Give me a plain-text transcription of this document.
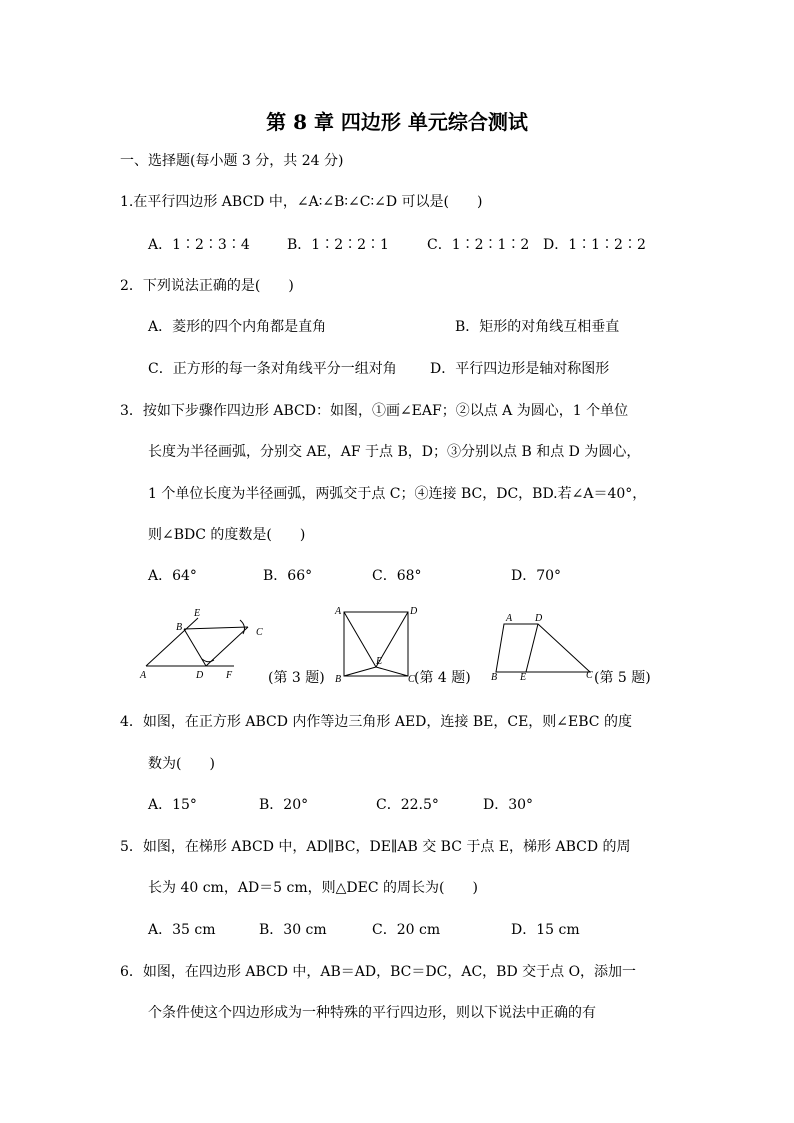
第 8 章 四边形 单元综合测试
一、选择题(每小题 3 分，共 24 分)
1.在平行四边形 ABCD 中，∠A∶∠B∶∠C∶∠D 可以是(　　)
A．1∶2∶3∶4	B．1∶2∶2∶1	C．1∶2∶1∶2 D．1∶1∶2∶2
2．下列说法正确的是(　　)
A．菱形的四个内角都是直角	B．矩形的对角线互相垂直
C．正方形的每一条对角线平分一组对角 D．平行四边形是轴对称图形
3．按如下步骤作四边形 ABCD：如图，①画∠EAF；②以点 A 为圆心，1 个单位
长度为半径画弧，分别交 AE，AF 于点 B，D；③分别以点 B 和点 D 为圆心，
1 个单位长度为半径画弧，两弧交于点 C；④连接 BC，DC，BD.若∠A＝40°，
则∠BDC 的度数是(　　)
A．64°	B．66°	C．68°	D．70°
E
B	C
A	D F	(第 3 题)
A	D
E
B	C (第 4 题)
A D
B E	C (第 5 题)
4．如图，在正方形 ABCD 内作等边三角形 AED，连接 BE，CE，则∠EBC 的度
数为(　　)
A．15°	B．20°	C．22.5°	D．30°
5．如图，在梯形 ABCD 中，AD∥BC，DE∥AB 交 BC 于点 E，梯形 ABCD 的周
长为 40 cm，AD＝5 cm，则△DEC 的周长为(　　)
A．35 cm	B．30 cm	C．20 cm	D．15 cm
6．如图，在四边形 ABCD 中，AB＝AD，BC＝DC，AC，BD 交于点 O，添加一
个条件使这个四边形成为一种特殊的平行四边形，则以下说法中正确的有
